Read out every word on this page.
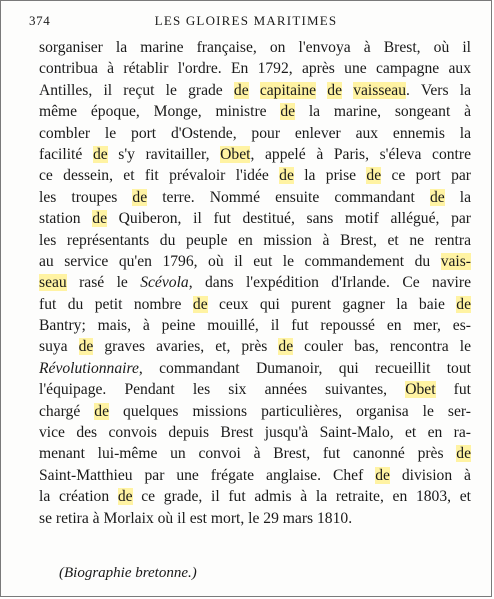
374	LES GLOIRES MARITIMES
sorganiser la marine française, on l'envoya à Brest, où il
contribua à rétablir l'ordre. En 1792, après une campagne aux
Antilles, il reçut le grade de capitaine de vaisseau. Vers la
même époque, Monge, ministre de la marine, songeant à
combler le port d'Ostende, pour enlever aux ennemis la
facilité de s'y ravitailler, Obet, appelé à Paris, s'éleva contre
ce dessein, et fit prévaloir l'idée de la prise de ce port par
les troupes de terre. Nommé ensuite commandant de la
station de Quiberon, il fut destitué, sans motif allégué, par
les représentants du peuple en mission à Brest, et ne rentra
au service qu'en 1796, où il eut le commandement du vais-
seau rasé le Scévola, dans l'expédition d'Irlande. Ce navire
fut du petit nombre de ceux qui purent gagner la baie de
Bantry; mais, à peine mouillé, il fut repoussé en mer, es-
suya de graves avaries, et, près de couler bas, rencontra le
Révolutionnaire, commandant Dumanoir, qui recueillit tout
l'équipage. Pendant les six années suivantes, Obet fut
chargé de quelques missions particulières, organisa le ser-
vice des convois depuis Brest jusqu'à Saint-Malo, et en ra-
menant lui-même un convoi à Brest, fut canonné près de
Saint-Matthieu par une frégate anglaise. Chef de division à
la création de ce grade, il fut admis à la retraite, en 1803, et
se retira à Morlaix où il est mort, le 29 mars 1810.
(Biographie bretonne.)
